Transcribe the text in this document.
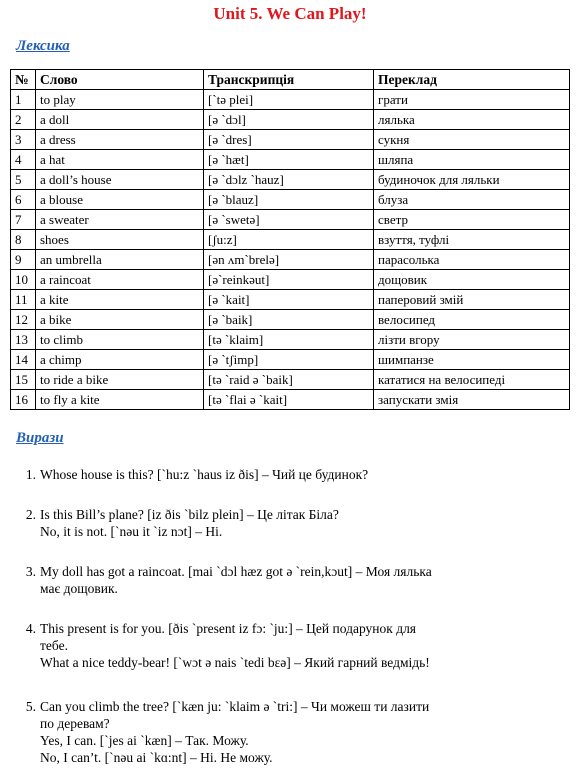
Unit 5. We Can Play!
Лексика
№	Слово	Транскрипція	Переклад
1	to play	[`tə plei]	грати
2	a doll	[ə `dɔl]	лялька
3	a dress	[ə `dres]	сукня
4	a hat	[ə `hæt]	шляпа
5	a doll’s house	[ə `dɔlz `hauz]	будиночок для ляльки
6	a blouse	[ə `blauz]	блуза
7	a sweater	[ə `swetə]	светр
8	shoes	[ʃu:z]	взуття, туфлі
9	an umbrella	[ən ʌm`brelə]	парасолька
10	a raincoat	[ə`reinkəut]	дощовик
11	a kite	[ə `kait]	паперовий змій
12	a bike	[ə `baik]	велосипед
13	to climb	[tə `klaim]	лізти вгору
14	a chimp	[ə `tʃimp]	шимпанзе
15	to ride a bike	[tə `raid ə `baik]	кататися на велосипеді
16	to fly a kite	[tə `flai ə `kait]	запускати змія
Вирази
1. Whose house is this? [`hu:z `haus iz ðis] – Чий це будинок?
2. Is this Bill’s plane? [iz ðis `bilz plein] – Це літак Біла?
No, it is not. [`nəu it `iz nɔt] – Ні.
3. My doll has got a raincoat. [mai `dɔl hæz got ə `rein,kɔut] – Моя лялька
має дощовик.
4. This present is for you. [ðis `present iz fɔ: `ju:] – Цей подарунок для
тебе.
What a nice teddy-bear! [`wɔt ə nais `tedi bɛə] – Який гарний ведмідь!
5. Can you climb the tree? [`kæn ju: `klaim ə `tri:] – Чи можеш ти лазити
по деревам?
Yes, I can. [`jes ai `kæn] – Так. Можу.
No, I can’t. [`nəu ai `kɑ:nt] – Ні. Не можу.
